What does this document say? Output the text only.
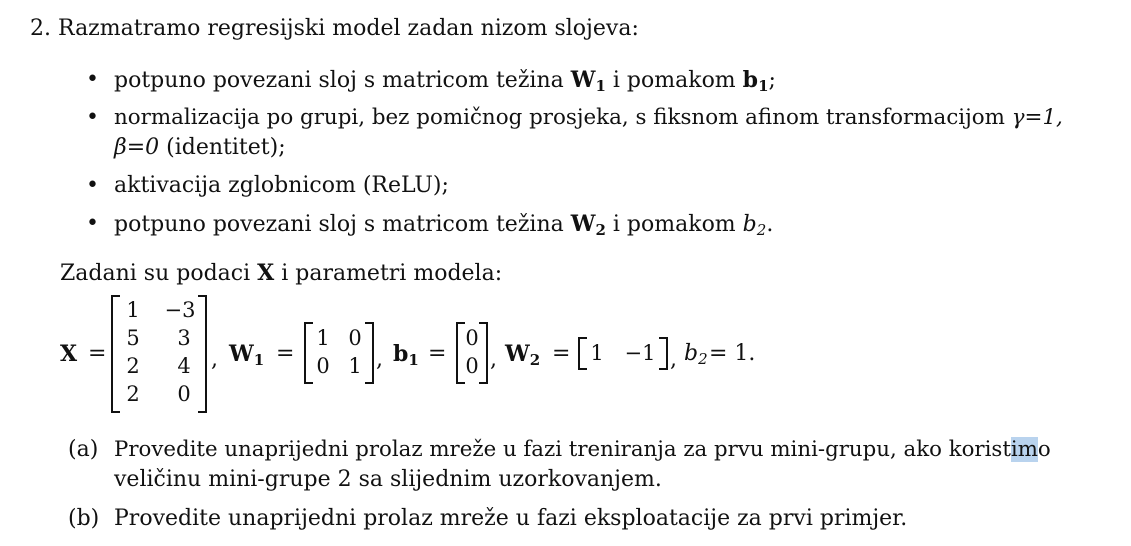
2. Razmatramo regresijski model zadan nizom slojeva:
• potpuno povezani sloj s matricom težina $W_1$ i pomakom $b_1$;
• normalizacija po grupi, bez pomičnog prosjeka, s fiksnom afinom transformacijom γ=1,
β=0 (identitet);
• aktivacija zglobnicom (ReLU);
• potpuno povezani sloj s matricom težina $W_2$ i pomakom $b_2$.
Zadani su podaci X i parametri modela:
X =
1 −3
5	3
2	4
2	0
, $W_1$ =
1 0
0 1 , $b_1$ =
0
0 , $W_2 = 1 -1$ , $b_2 = 1$.
(a) Provedite unaprijedni prolaz mreže u fazi treniranja za prvu mini-grupu, ako koristimo
veličinu mini-grupe 2 sa slijednim uzorkovanjem.
(b) Provedite unaprijedni prolaz mreže u fazi eksploatacije za prvi primjer.
